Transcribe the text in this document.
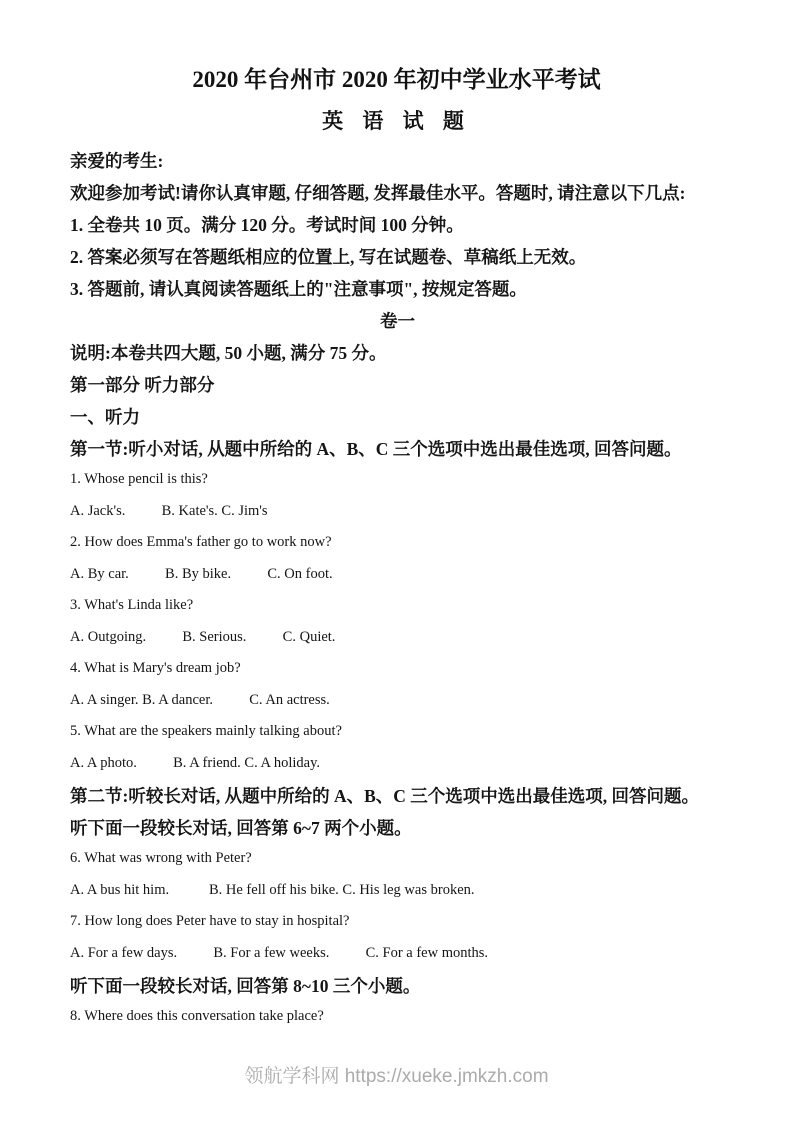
2020 年台州市 2020 年初中学业水平考试
英 语 试 题
亲爱的考生:
欢迎参加考试!请你认真审题, 仔细答题, 发挥最佳水平。答题时, 请注意以下几点:
1. 全卷共 10 页。满分 120 分。考试时间 100 分钟。
2. 答案必须写在答题纸相应的位置上, 写在试题卷、草稿纸上无效。
3. 答题前, 请认真阅读答题纸上的"注意事项", 按规定答题。
卷一
说明:本卷共四大题, 50 小题, 满分 75 分。
第一部分 听力部分
一、听力
第一节:听小对话, 从题中所给的 A、B、C 三个选项中选出最佳选项, 回答问题。
1. Whose pencil is this?
A. Jack's.          B. Kate's. C. Jim's
2. How does Emma's father go to work now?
A. By car.          B. By bike.          C. On foot.
3. What's Linda like?
A. Outgoing.          B. Serious.          C. Quiet.
4. What is Mary's dream job?
A. A singer. B. A dancer.          C. An actress.
5. What are the speakers mainly talking about?
A. A photo.          B. A friend. C. A holiday.
第二节:听较长对话, 从题中所给的 A、B、C 三个选项中选出最佳选项, 回答问题。
听下面一段较长对话, 回答第 6~7 两个小题。
6. What was wrong with Peter?
A. A bus hit him.           B. He fell off his bike. C. His leg was broken.
7. How long does Peter have to stay in hospital?
A. For a few days.          B. For a few weeks.          C. For a few months.
听下面一段较长对话, 回答第 8~10 三个小题。
8. Where does this conversation take place?
领航学科网 https://xueke.jmkzh.com
